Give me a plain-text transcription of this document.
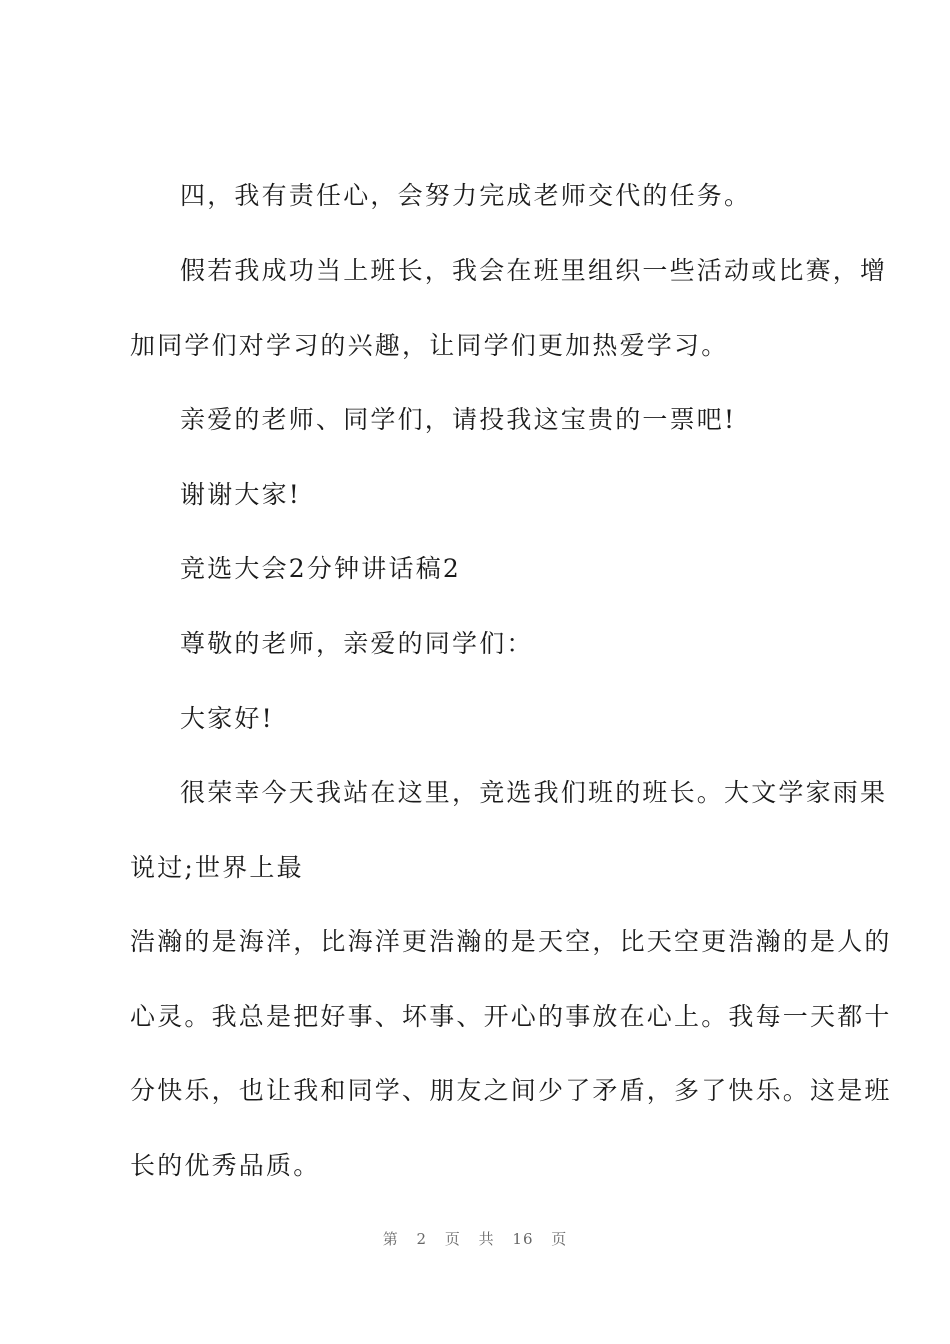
四，我有责任心，会努力完成老师交代的任务。
假若我成功当上班长，我会在班里组织一些活动或比赛，增
加同学们对学习的兴趣，让同学们更加热爱学习。
亲爱的老师、同学们，请投我这宝贵的一票吧!
谢谢大家!
竞选大会2分钟讲话稿2
尊敬的老师，亲爱的同学们：
大家好!
很荣幸今天我站在这里，竞选我们班的班长。大文学家雨果
说过;世界上最
浩瀚的是海洋，比海洋更浩瀚的是天空，比天空更浩瀚的是人的
心灵。我总是把好事、坏事、开心的事放在心上。我每一天都十
分快乐，也让我和同学、朋友之间少了矛盾，多了快乐。这是班
长的优秀品质。
第 2 页 共 16 页
